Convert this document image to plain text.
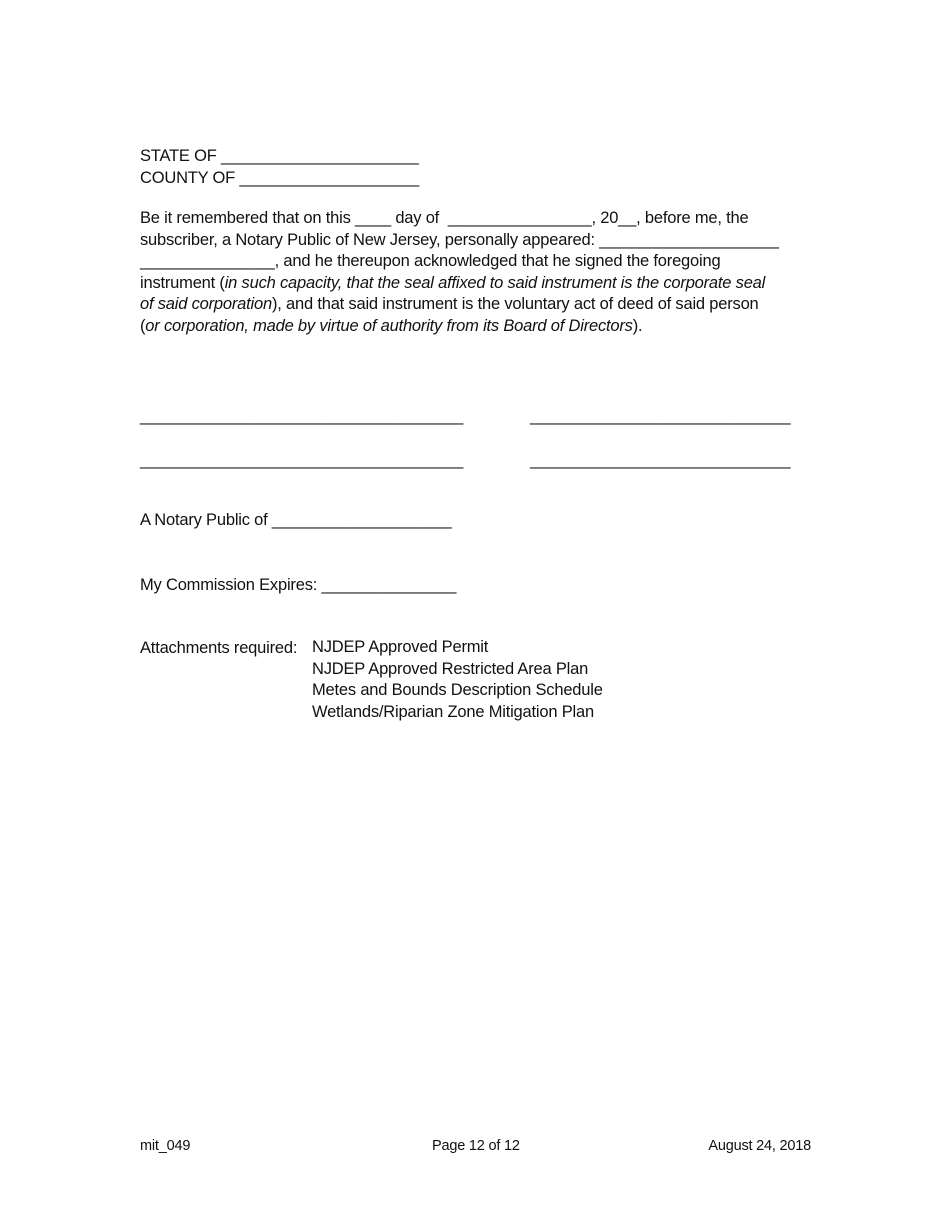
STATE OF ______________________
COUNTY OF ____________________
Be it remembered that on this ____ day of  ________________, 20__, before me, the
subscriber, a Notary Public of New Jersey, personally appeared: ____________________
_______________, and he thereupon acknowledged that he signed the foregoing
instrument (in such capacity, that the seal affixed to said instrument is the corporate seal
of said corporation), and that said instrument is the voluntary act of deed of said person
(or corporation, made by virtue of authority from its Board of Directors).
____________________________________	_____________________________
____________________________________	_____________________________
A Notary Public of ____________________
My Commission Expires: _______________
Attachments required: NJDEP Approved Permit
NJDEP Approved Restricted Area Plan
Metes and Bounds Description Schedule
Wetlands/Riparian Zone Mitigation Plan
mit_049	Page 12 of 12	August 24, 2018
